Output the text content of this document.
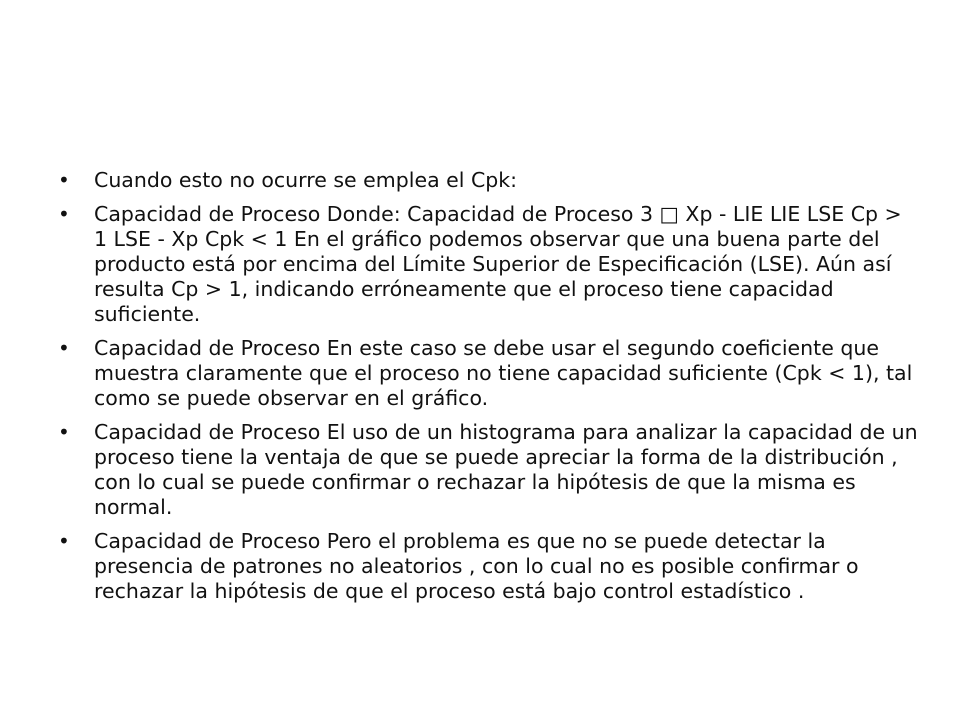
• Cuando esto no ocurre se emplea el Cpk:
• Capacidad de Proceso Donde: Capacidad de Proceso 3 □ Xp - LIE LIE LSE Cp > 1 LSE - Xp Cpk < 1 En el gráfico podemos observar que una buena parte del producto está por encima del Límite Superior de Especificación (LSE). Aún así resulta Cp > 1, indicando erróneamente que el proceso tiene capacidad suficiente.
• Capacidad de Proceso En este caso se debe usar el segundo coeficiente que muestra claramente que el proceso no tiene capacidad suficiente (Cpk < 1), tal como se puede observar en el gráfico.
• Capacidad de Proceso El uso de un histograma para analizar la capacidad de un proceso tiene la ventaja de que se puede apreciar la forma de la distribución , con lo cual se puede confirmar o rechazar la hipótesis de que la misma es normal.
• Capacidad de Proceso Pero el problema es que no se puede detectar la presencia de patrones no aleatorios , con lo cual no es posible confirmar o rechazar la hipótesis de que el proceso está bajo control estadístico .
